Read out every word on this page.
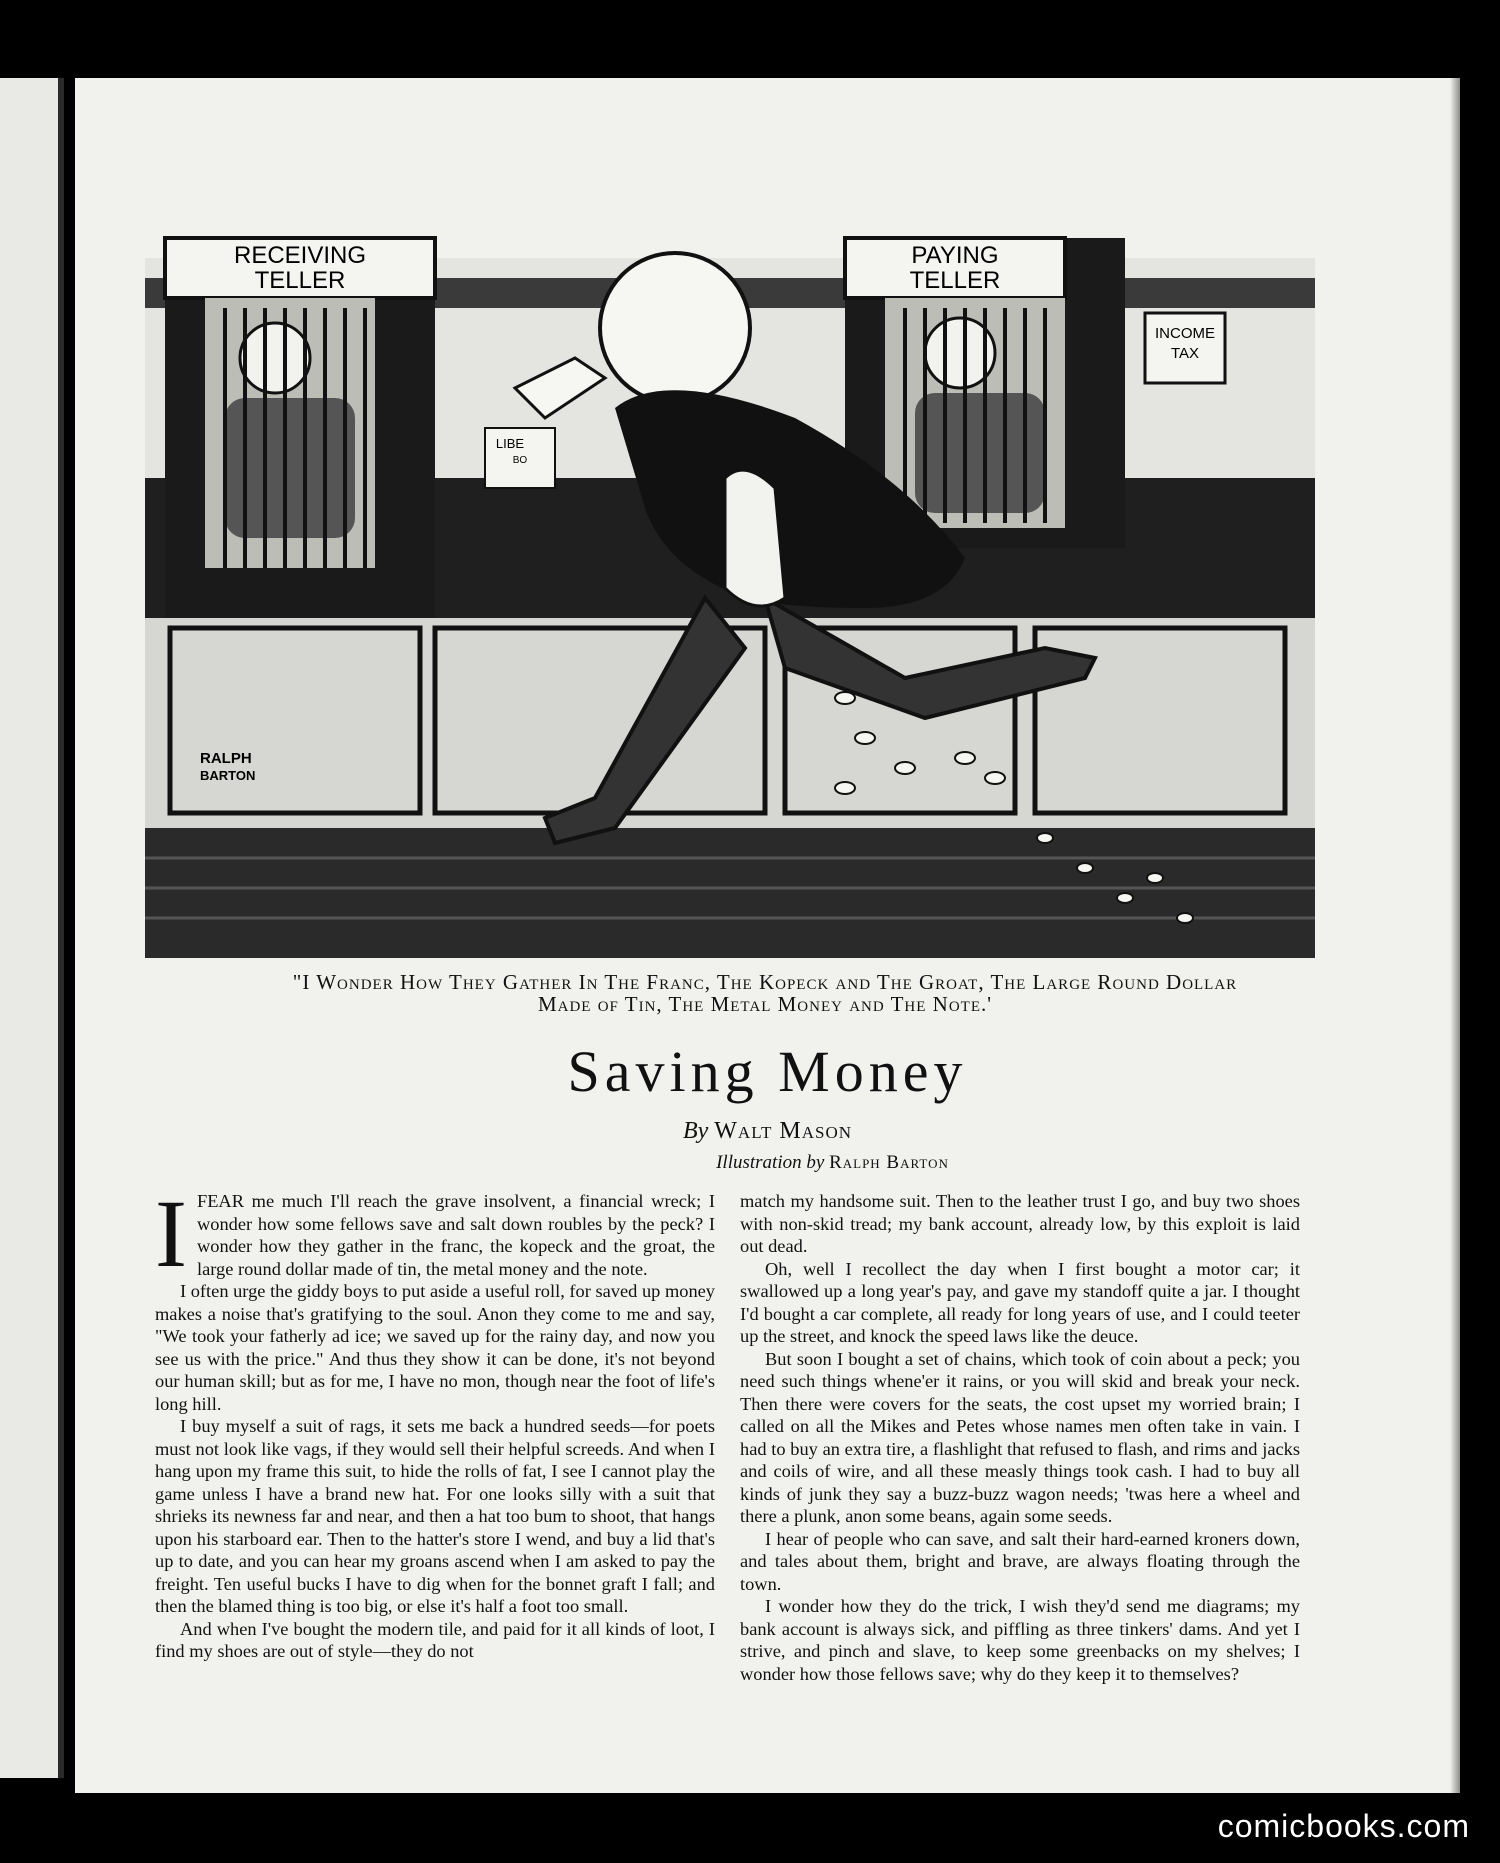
RECEIVING
TELLER
PAYING
TELLER
INCOME
TAX
LIBE
BO
RALPH
BARTON
"I Wonder How They Gather In The Franc, The Kopeck and The Groat, The Large Round Dollar
Made of Tin, The Metal Money and The Note.'
Saving Money
By Walt Mason
Illustration by Ralph Barton

IFEAR me much I'll reach the grave insolvent, a financial wreck; I wonder how some fellows save and salt down roubles by the peck? I wonder how they gather in the franc, the kopeck and the groat, the large round dollar made of tin, the metal money and the note.

I often urge the giddy boys to put aside a useful roll, for saved up money makes a noise that's gratifying to the soul. Anon they come to me and say, "We took your fatherly ad ice; we saved up for the rainy day, and now you see us with the price." And thus they show it can be done, it's not beyond our human skill; but as for me, I have no mon, though near the foot of life's long hill.

I buy myself a suit of rags, it sets me back a hundred seeds—for poets must not look like vags, if they would sell their helpful screeds. And when I hang upon my frame this suit, to hide the rolls of fat, I see I cannot play the game unless I have a brand new hat. For one looks silly with a suit that shrieks its newness far and near, and then a hat too bum to shoot, that hangs upon his starboard ear. Then to the hatter's store I wend, and buy a lid that's up to date, and you can hear my groans ascend when I am asked to pay the freight. Ten useful bucks I have to dig when for the bonnet graft I fall; and then the blamed thing is too big, or else it's half a foot too small.

And when I've bought the modern tile, and paid for it all kinds of loot, I find my shoes are out of style—they do not

match my handsome suit. Then to the leather trust I go, and buy two shoes with non-skid tread; my bank account, already low, by this exploit is laid out dead.

Oh, well I recollect the day when I first bought a motor car; it swallowed up a long year's pay, and gave my standoff quite a jar. I thought I'd bought a car complete, all ready for long years of use, and I could teeter up the street, and knock the speed laws like the deuce.

But soon I bought a set of chains, which took of coin about a peck; you need such things whene'er it rains, or you will skid and break your neck. Then there were covers for the seats, the cost upset my worried brain; I called on all the Mikes and Petes whose names men often take in vain. I had to buy an extra tire, a flashlight that refused to flash, and rims and jacks and coils of wire, and all these measly things took cash. I had to buy all kinds of junk they say a buzz-buzz wagon needs; 'twas here a wheel and there a plunk, anon some beans, again some seeds.

I hear of people who can save, and salt their hard-earned kroners down, and tales about them, bright and brave, are always floating through the town.

I wonder how they do the trick, I wish they'd send me diagrams; my bank account is always sick, and piffling as three tinkers' dams. And yet I strive, and pinch and slave, to keep some greenbacks on my shelves; I wonder how those fellows save; why do they keep it to themselves?

comicbooks.com
